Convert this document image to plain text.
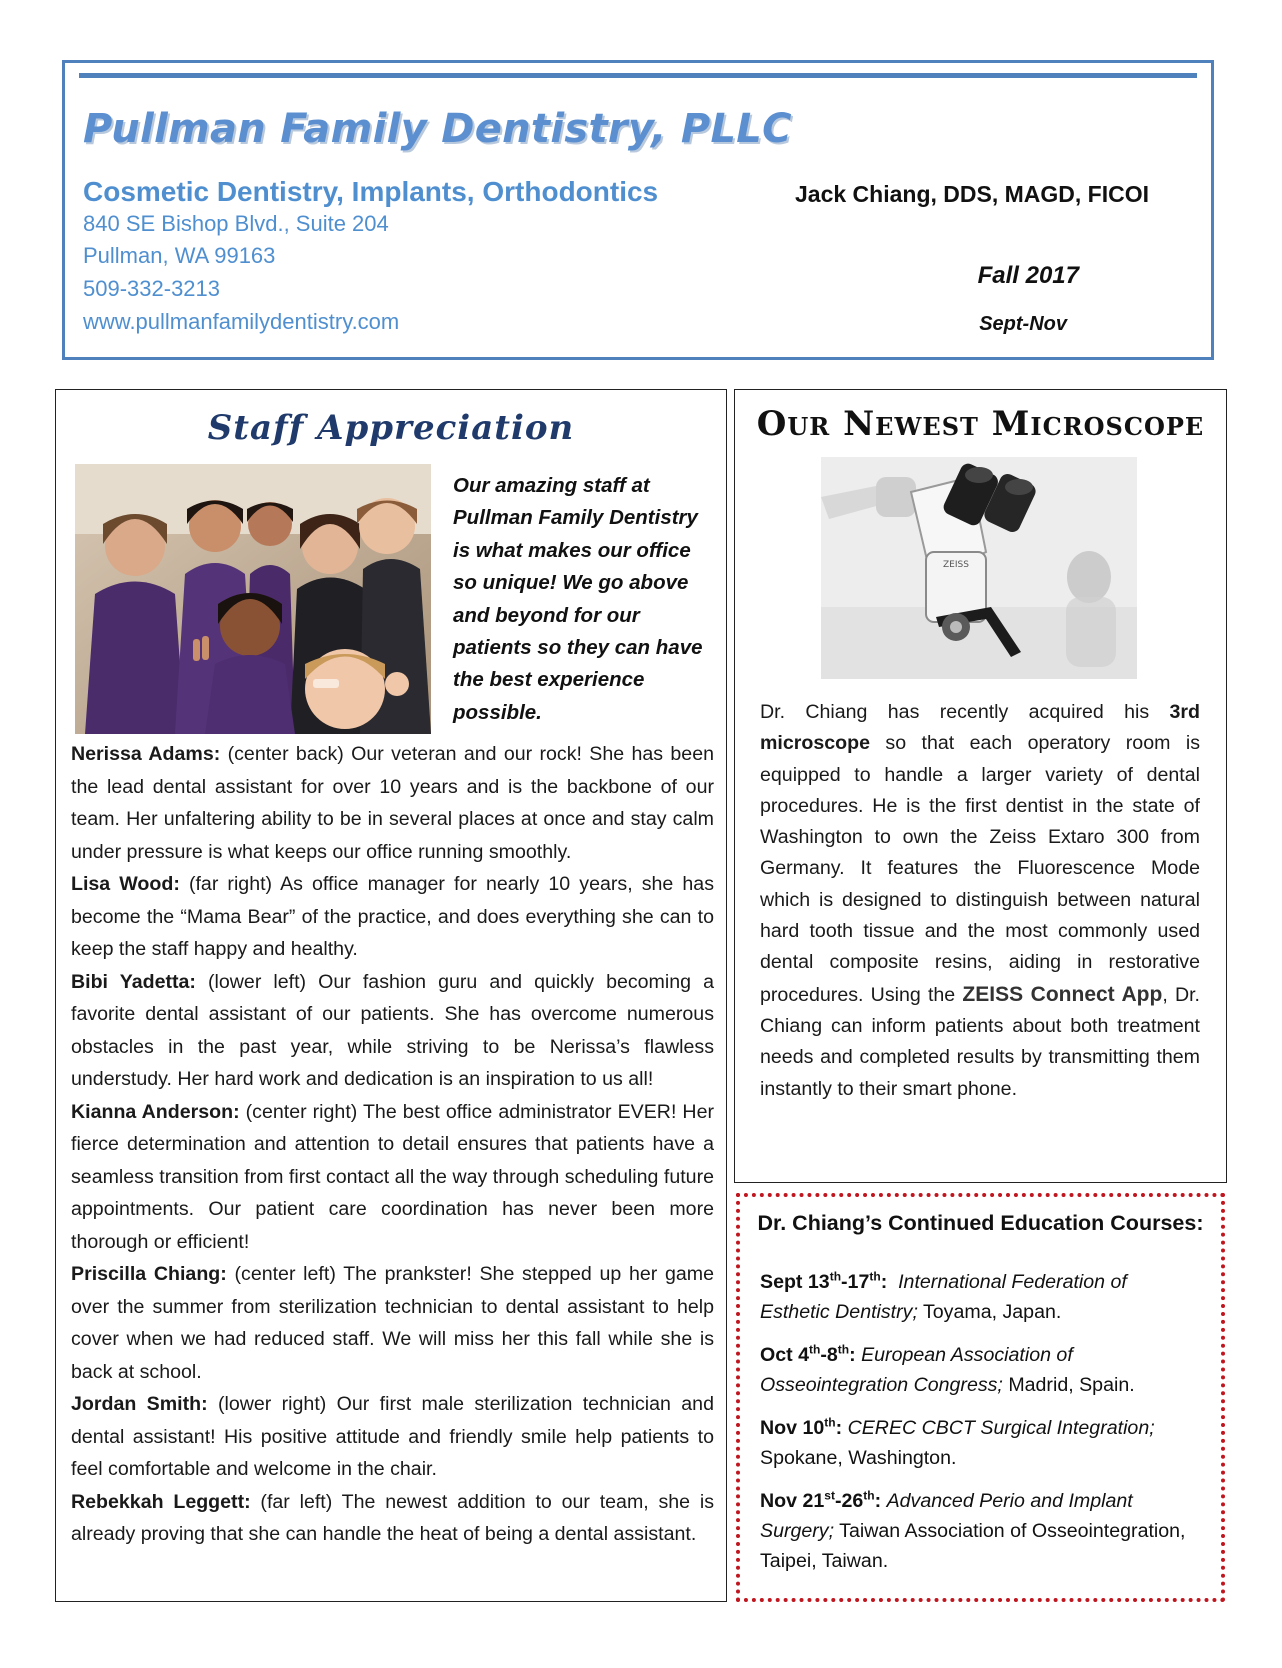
Pullman Family Dentistry, PLLC
Cosmetic Dentistry, Implants, Orthodontics
840 SE Bishop Blvd., Suite 204
Pullman, WA 99163
509-332-3213
www.pullmanfamilydentistry.com
Jack Chiang, DDS, MAGD, FICOI
Fall 2017
Sept-Nov
Staff Appreciation

Our amazing staff at Pullman Family Dentistry is what makes our office so unique! We go above and beyond for our patients so they can have the best experience possible.

Nerissa Adams: (center back) Our veteran and our rock! She has been the lead dental assistant for over 10 years and is the backbone of our team. Her unfaltering ability to be in several places at once and stay calm under pressure is what keeps our office running smoothly.

Lisa Wood: (far right) As office manager for nearly 10 years, she has become the “Mama Bear” of the practice, and does everything she can to keep the staff happy and healthy.

Bibi Yadetta: (lower left) Our fashion guru and quickly becoming a favorite dental assistant of our patients. She has overcome numerous obstacles in the past year, while striving to be Nerissa’s flawless understudy. Her hard work and dedication is an inspiration to us all!

Kianna Anderson: (center right) The best office administrator EVER! Her fierce determination and attention to detail ensures that patients have a seamless transition from first contact all the way through scheduling future appointments. Our patient care coordination has never been more thorough or efficient!

Priscilla Chiang: (center left) The prankster! She stepped up her game over the summer from sterilization technician to dental assistant to help cover when we had reduced staff. We will miss her this fall while she is back at school.

Jordan Smith: (lower right) Our first male sterilization technician and dental assistant! His positive attitude and friendly smile help patients to feel comfortable and welcome in the chair.

Rebekkah Leggett: (far left) The newest addition to our team, she is already proving that she can handle the heat of being a dental assistant.

Our Newest Microscope
ZEISS

Dr. Chiang has recently acquired his 3rd microscope so that each operatory room is equipped to handle a larger variety of dental procedures. He is the first dentist in the state of Washington to own the Zeiss Extaro 300 from Germany. It features the Fluorescence Mode which is designed to distinguish between natural hard tooth tissue and the most commonly used dental composite resins, aiding in restorative procedures. Using the ZEISS Connect App, Dr. Chiang can inform patients about both treatment needs and completed results by transmitting them instantly to their smart phone.

Dr. Chiang’s Continued Education Courses:

Sept 13th-17th: International Federation of Esthetic Dentistry; Toyama, Japan.

Oct 4th-8th: European Association of Osseointegration Congress; Madrid, Spain.

Nov 10th: CEREC CBCT Surgical Integration; Spokane, Washington.

Nov 21st-26th: Advanced Perio and Implant Surgery; Taiwan Association of Osseointegration, Taipei, Taiwan.
